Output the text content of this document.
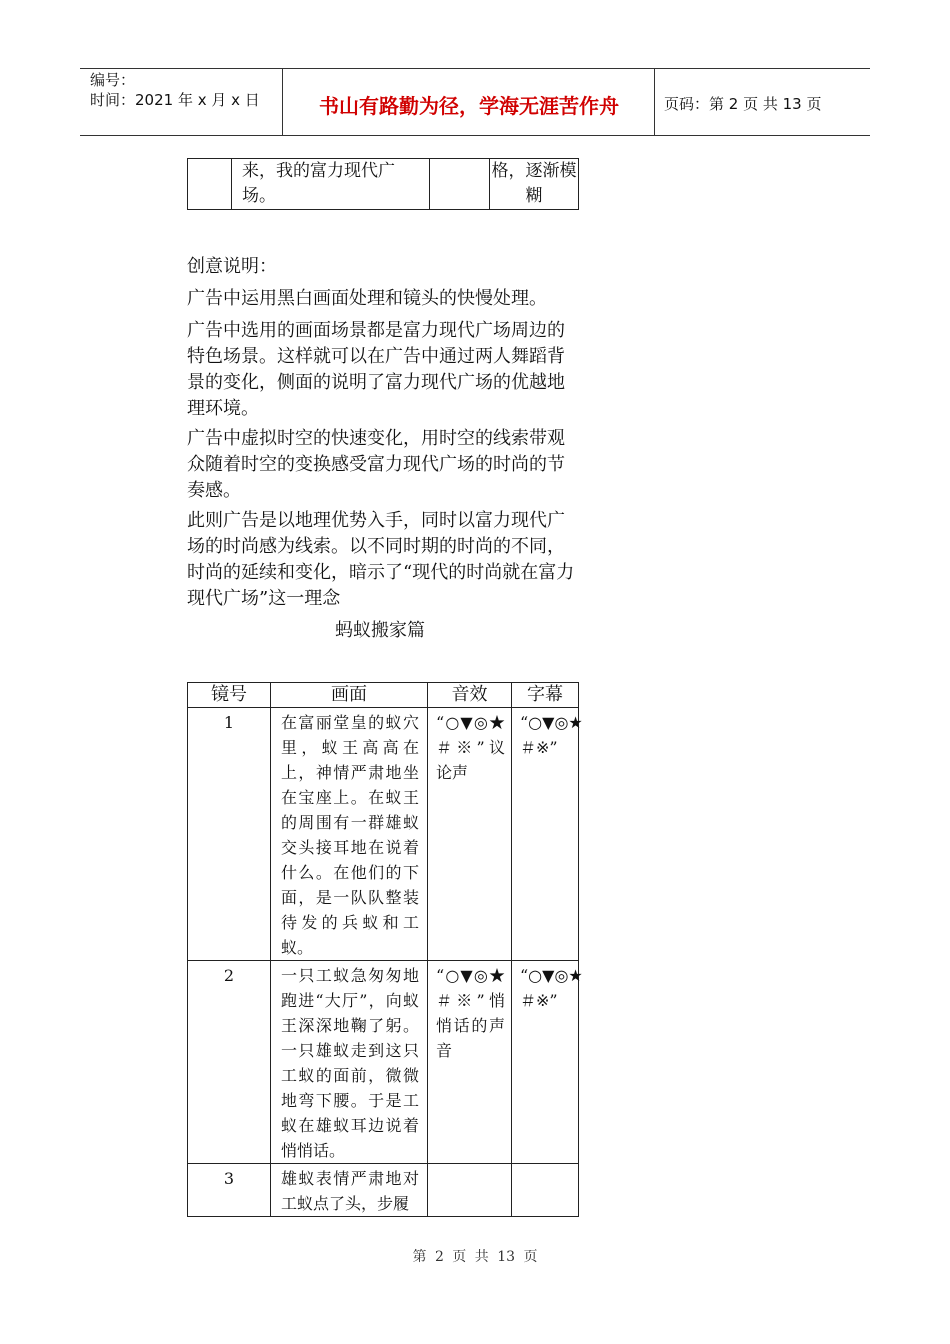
编号：
时间：2021 年 x 月 x 日	书山有路勤为径，学海无涯苦作舟	页码：第 2 页 共 13 页
	来，我的富力现代广场。		格，逐渐模糊
创意说明：
广告中运用黑白画面处理和镜头的快慢处理。
广告中选用的画面场景都是富力现代广场周边的特色场景。这样就可以在广告中通过两人舞蹈背景的变化，侧面的说明了富力现代广场的优越地理环境。
广告中虚拟时空的快速变化，用时空的线索带观众随着时空的变换感受富力现代广场的时尚的节奏感。
此则广告是以地理优势入手，同时以富力现代广场的时尚感为线索。以不同时期的时尚的不同，时尚的延续和变化，暗示了“现代的时尚就在富力现代广场”这一理念
蚂蚁搬家篇
镜号	画面	音效	字幕
1	在富丽堂皇的蚁穴里，蚁王高高在上，神情严肃地坐在宝座上。在蚁王的周围有一群雄蚁交头接耳地在说着什么。在他们的下面，是一队队整装待发的兵蚁和工蚁。	“○▼◎★＃※”议论声	“○▼◎★＃※”
2	一只工蚁急匆匆地跑进“大厅”，向蚁王深深地鞠了躬。一只雄蚁走到这只工蚁的面前，微微地弯下腰。于是工蚁在雄蚁耳边说着悄悄话。	“○▼◎★＃※”悄悄话的声音	“○▼◎★＃※”
3	雄蚁表情严肃地对工蚁点了头，步履		
第 2 页 共 13 页
